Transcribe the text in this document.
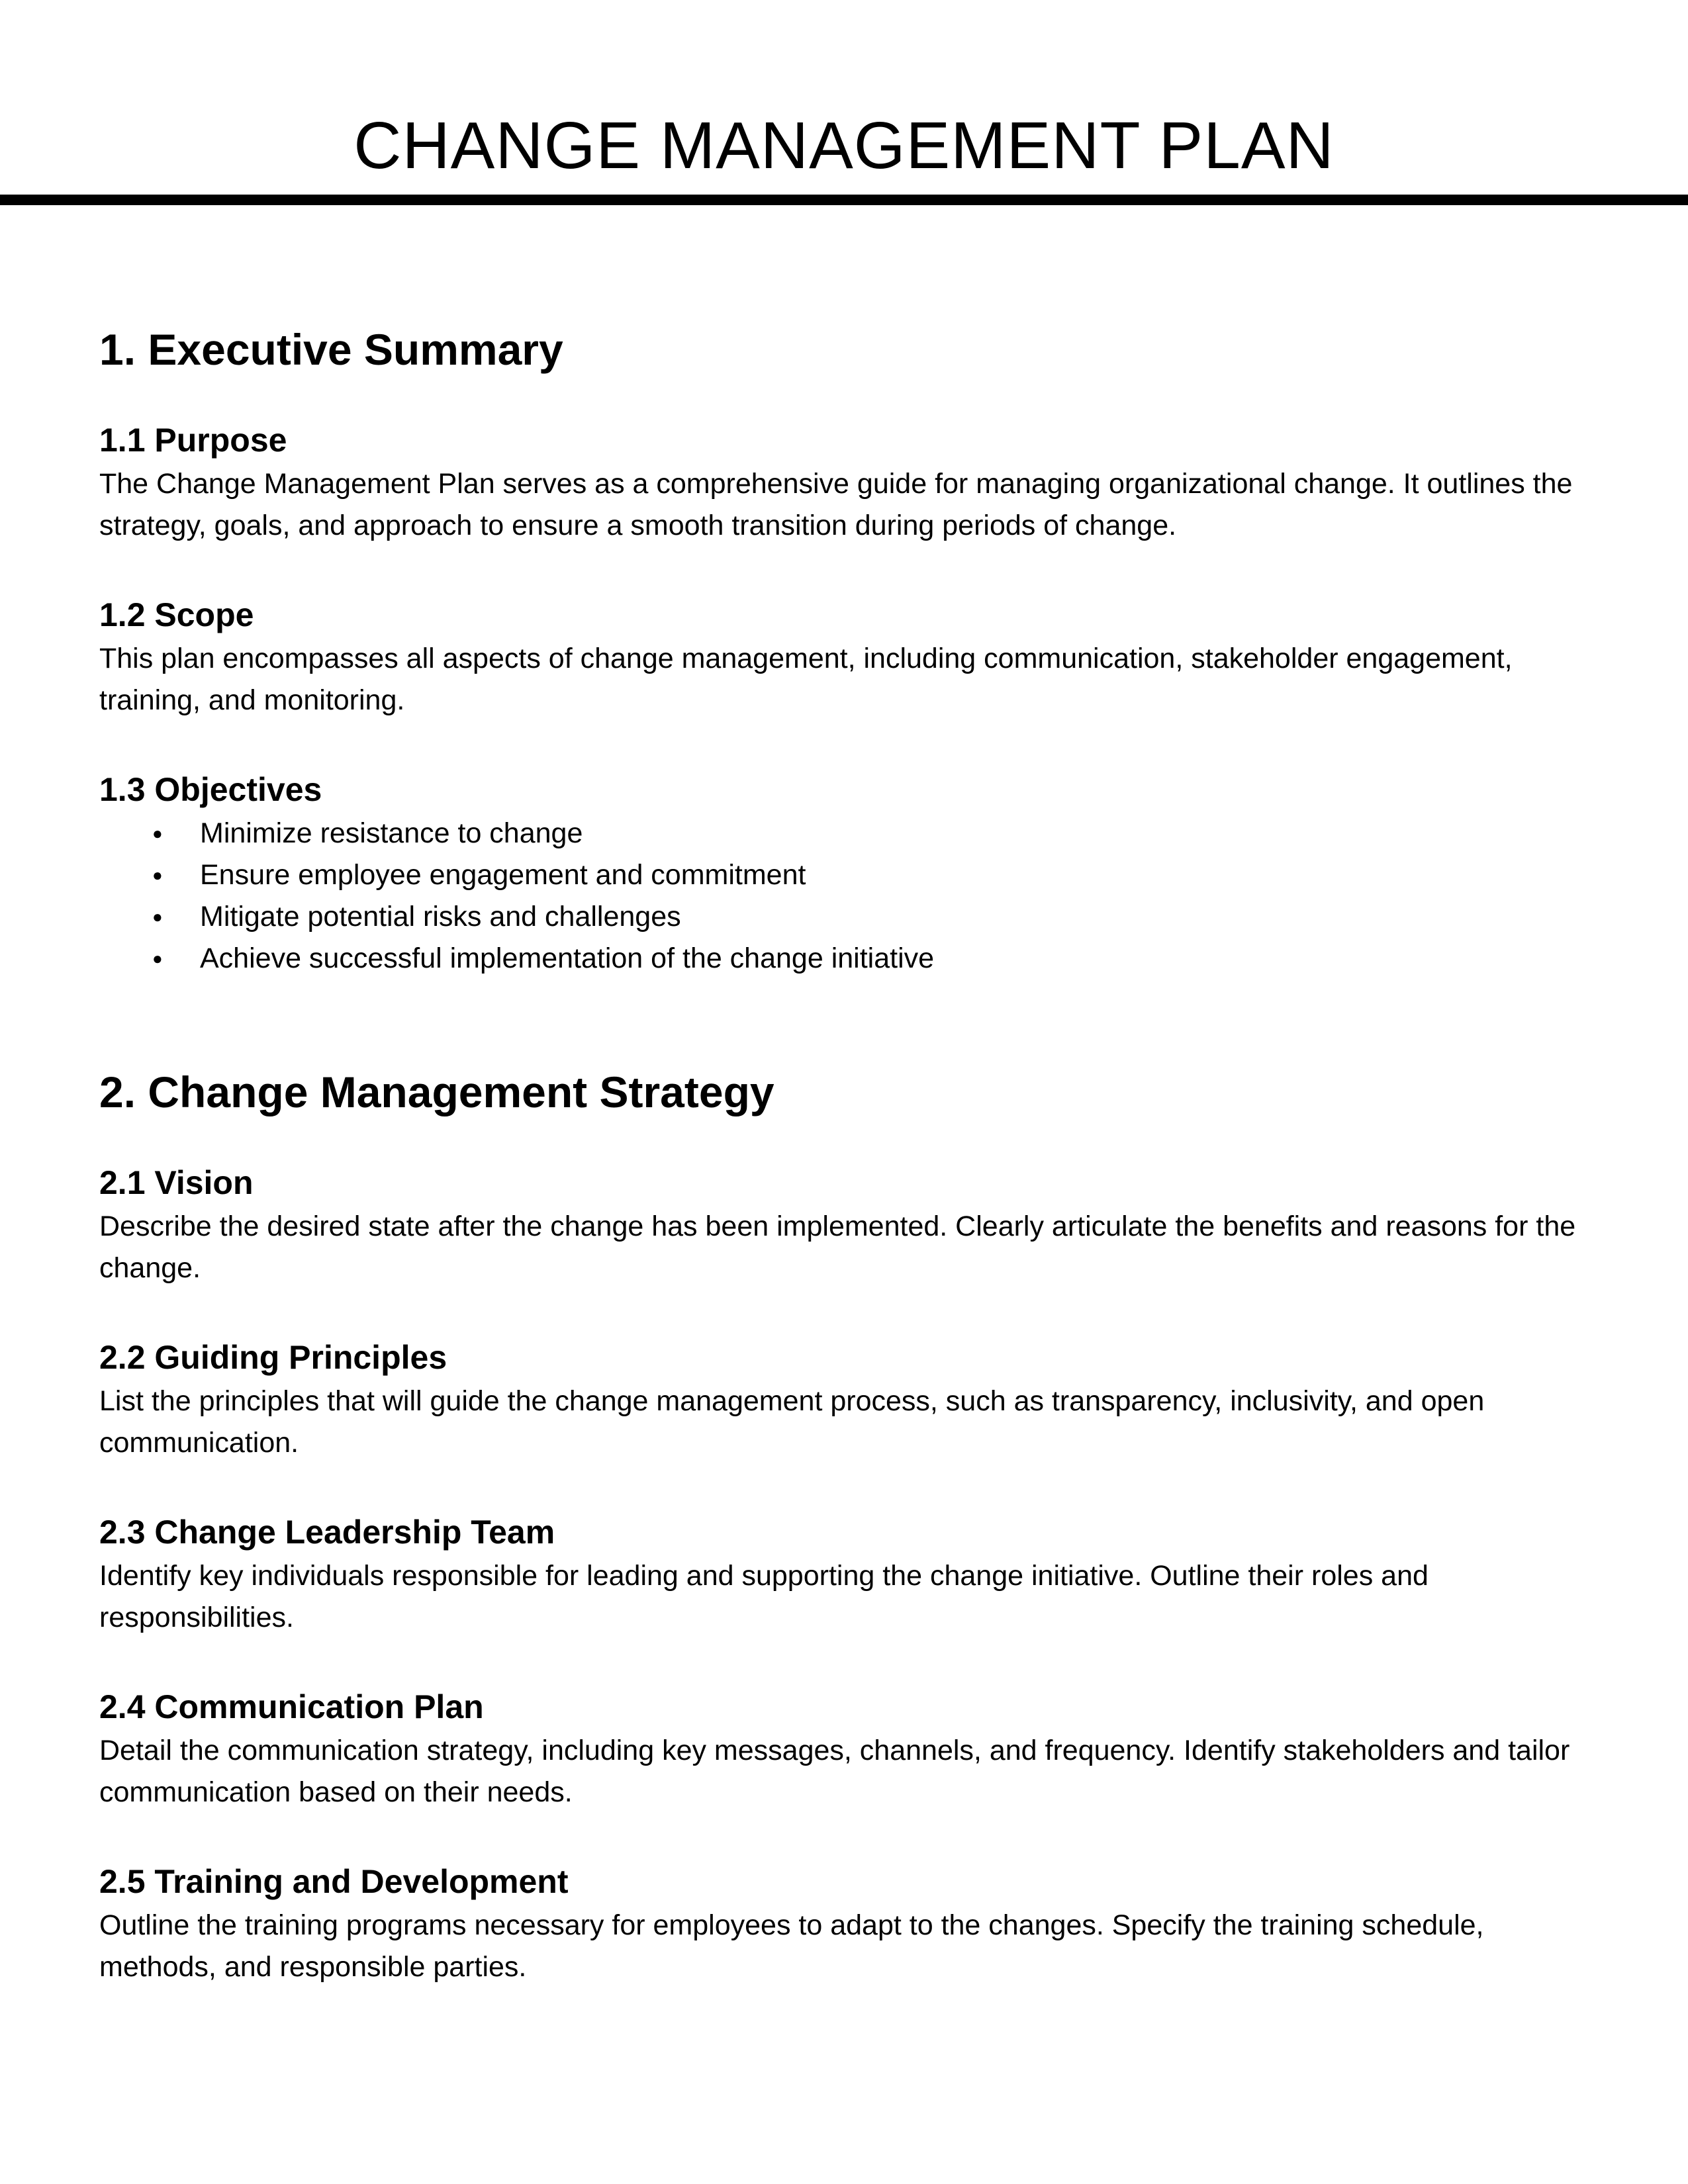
CHANGE MANAGEMENT PLAN
1. Executive Summary
1.1 Purpose

The Change Management Plan serves as a comprehensive guide for managing organizational change. It outlines the strategy, goals, and approach to ensure a smooth transition during periods of change.

1.2 Scope

This plan encompasses all aspects of change management, including communication, stakeholder engagement, training, and monitoring.

1.3 Objectives
● Minimize resistance to change
● Ensure employee engagement and commitment
● Mitigate potential risks and challenges
● Achieve successful implementation of the change initiative
2. Change Management Strategy
2.1 Vision

Describe the desired state after the change has been implemented. Clearly articulate the benefits and reasons for the change.

2.2 Guiding Principles

List the principles that will guide the change management process, such as transparency, inclusivity, and open communication.

2.3 Change Leadership Team

Identify key individuals responsible for leading and supporting the change initiative. Outline their roles and responsibilities.

2.4 Communication Plan

Detail the communication strategy, including key messages, channels, and frequency. Identify stakeholders and tailor communication based on their needs.

2.5 Training and Development

Outline the training programs necessary for employees to adapt to the changes. Specify the training schedule, methods, and responsible parties.
